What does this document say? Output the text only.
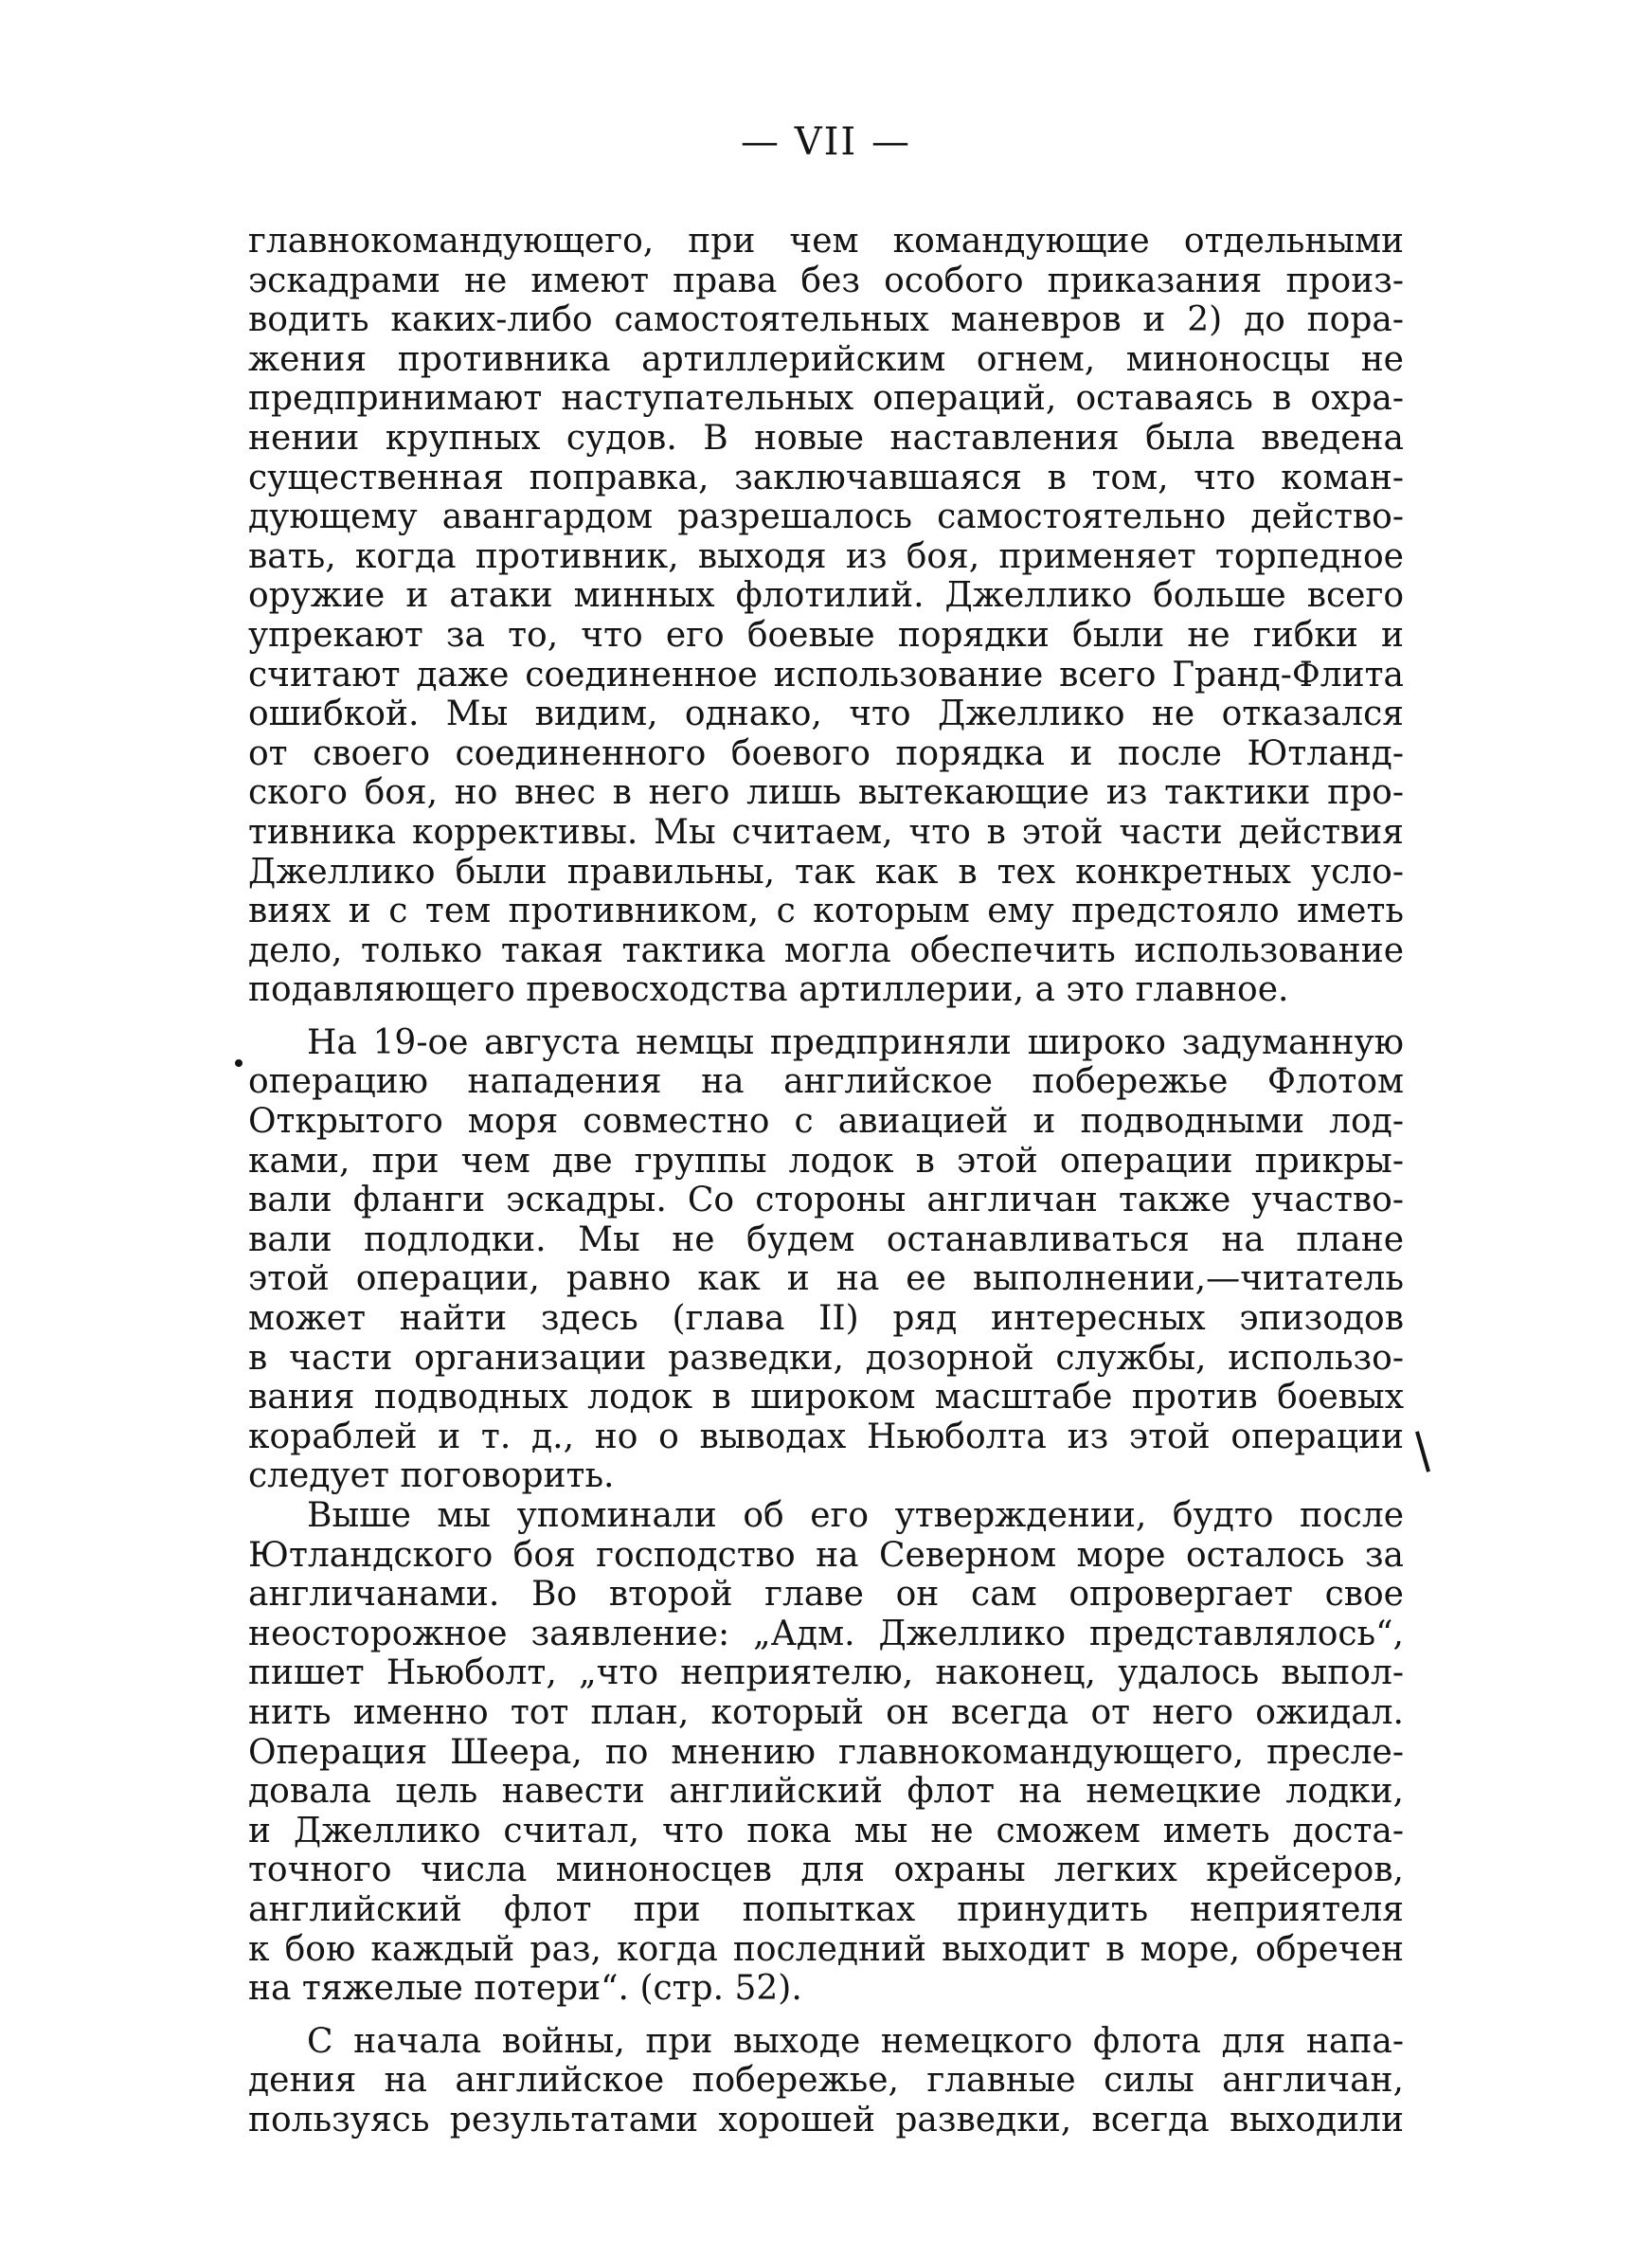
— VII —
главнокомандующего, при чем командующие отдельными
эскадрами не имеют права без особого приказания произ-
водить каких-либо самостоятельных маневров и 2) до пора-
жения противника артиллерийским огнем, миноносцы не
предпринимают наступательных операций, оставаясь в охра-
нении крупных судов. В новые наставления была введена
существенная поправка, заключавшаяся в том, что коман-
дующему авангардом разрешалось самостоятельно действо-
вать, когда противник, выходя из боя, применяет торпедное
оружие и атаки минных флотилий. Джеллико больше всего
упрекают за то, что его боевые порядки были не гибки и
считают даже соединенное использование всего Гранд-Флита
ошибкой. Мы видим, однако, что Джеллико не отказался
от своего соединенного боевого порядка и после Ютланд-
ского боя, но внес в него лишь вытекающие из тактики про-
тивника коррективы. Мы считаем, что в этой части действия
Джеллико были правильны, так как в тех конкретных усло-
виях и с тем противником, с которым ему предстояло иметь
дело, только такая тактика могла обеспечить использование
подавляющего превосходства артиллерии, а это главное.
На 19-ое августа немцы предприняли широко задуманную
операцию нападения на английское побережье Флотом
Открытого моря совместно с авиацией и подводными лод-
ками, при чем две группы лодок в этой операции прикры-
вали фланги эскадры. Со стороны англичан также участво-
вали подлодки. Мы не будем останавливаться на плане
этой операции, равно как и на ее выполнении,—читатель
может найти здесь (глава II) ряд интересных эпизодов
в части организации разведки, дозорной службы, использо-
вания подводных лодок в широком масштабе против боевых
кораблей и т. д., но о выводах Ньюболта из этой операции
следует поговорить.
Выше мы упоминали об его утверждении, будто после
Ютландского боя господство на Северном море осталось за
англичанами. Во второй главе он сам опровергает свое
неосторожное заявление: „Адм. Джеллико представлялось“,
пишет Ньюболт, „что неприятелю, наконец, удалось выпол-
нить именно тот план, который он всегда от него ожидал.
Операция Шеера, по мнению главнокомандующего, пресле-
довала цель навести английский флот на немецкие лодки,
и Джеллико считал, что пока мы не сможем иметь доста-
точного числа миноносцев для охраны легких крейсеров,
английский флот при попытках принудить неприятеля
к бою каждый раз, когда последний выходит в море, обречен
на тяжелые потери“. (стр. 52).
С начала войны, при выходе немецкого флота для напа-
дения на английское побережье, главные силы англичан,
пользуясь результатами хорошей разведки, всегда выходили
